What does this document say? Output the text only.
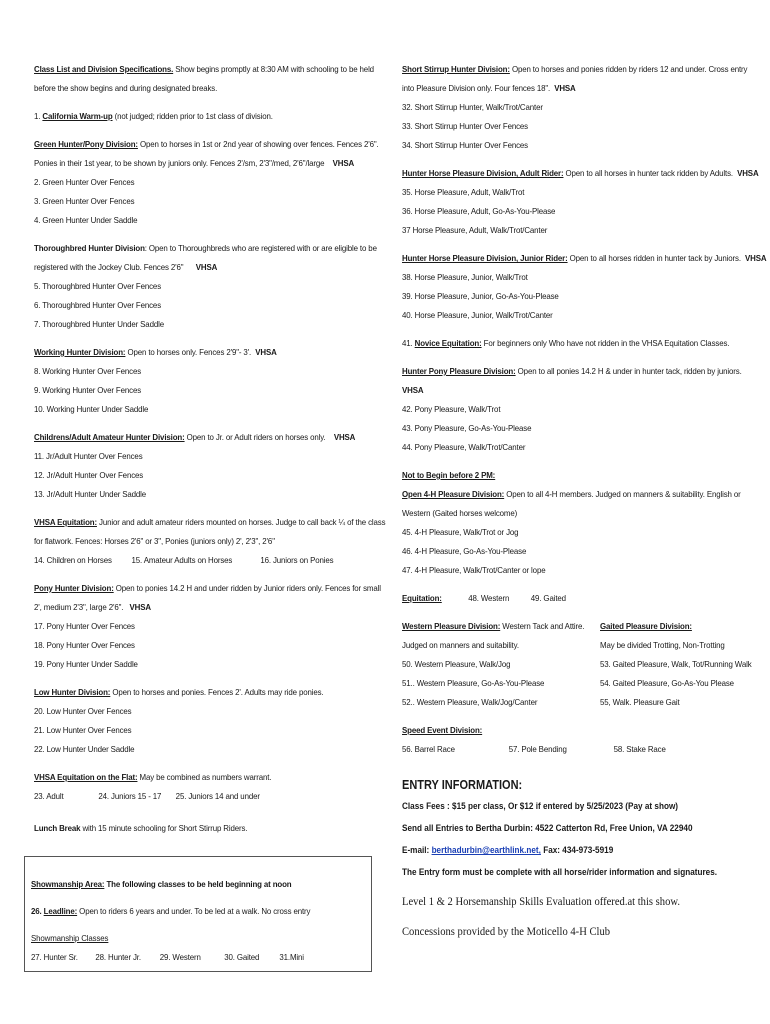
Class List and Division Specifications. Show begins promptly at 8:30 AM with schooling to be held
before the show begins and during designated breaks.
1. California Warm-up (not judged; ridden prior to 1st class of division.
Green Hunter/Pony Division: Open to horses in 1st or 2nd year of showing over fences. Fences 2'6".
Ponies in their 1st year, to be shown by juniors only. Fences 2'/sm, 2'3"/med, 2'6"/large VHSA
2. Green Hunter Over Fences
3. Green Hunter Over Fences
4. Green Hunter Under Saddle
Thoroughbred Hunter Division: Open to Thoroughbreds who are registered with or are eligible to be
registered with the Jockey Club. Fences 2'6" VHSA
5. Thoroughbred Hunter Over Fences
6. Thoroughbred Hunter Over Fences
7. Thoroughbred Hunter Under Saddle
Working Hunter Division: Open to horses only. Fences 2'9"- 3'. VHSA
8. Working Hunter Over Fences
9. Working Hunter Over Fences
10. Working Hunter Under Saddle
Childrens/Adult Amateur Hunter Division: Open to Jr. or Adult riders on horses only. VHSA
11. Jr/Adult Hunter Over Fences
12. Jr/Adult Hunter Over Fences
13. Jr/Adult Hunter Under Saddle
VHSA Equitation: Junior and adult amateur riders mounted on horses. Judge to call back ¼ of the class
for flatwork. Fences: Horses 2'6" or 3", Ponies (juniors only) 2', 2'3", 2'6"
14. Children on Horses	15. Amateur Adults on Horses	16. Juniors on Ponies
Pony Hunter Division: Open to ponies 14.2 H and under ridden by Junior riders only. Fences for small
2', medium 2'3", large 2'6". VHSA
17. Pony Hunter Over Fences
18. Pony Hunter Over Fences
19. Pony Hunter Under Saddle
Low Hunter Division: Open to horses and ponies. Fences 2'. Adults may ride ponies.
20. Low Hunter Over Fences
21. Low Hunter Over Fences
22. Low Hunter Under Saddle
VHSA Equitation on the Flat: May be combined as numbers warrant.
23. Adult	24. Juniors 15 - 17	25. Juniors 14 and under
Lunch Break with 15 minute schooling for Short Stirrup Riders.
Showmanship Area: The following classes to be held beginning at noon
26. Leadline: Open to riders 6 years and under. To be led at a walk. No cross entry
Showmanship Classes
27. Hunter Sr.	28. Hunter Jr.	29. Western	30. Gaited	31.Mini
Short Stirrup Hunter Division: Open to horses and ponies ridden by riders 12 and under. Cross entry
into Pleasure Division only. Four fences 18". VHSA
32. Short Stirrup Hunter, Walk/Trot/Canter
33. Short Stirrup Hunter Over Fences
34. Short Stirrup Hunter Over Fences
Hunter Horse Pleasure Division, Adult Rider: Open to all horses in hunter tack ridden by Adults. VHSA
35. Horse Pleasure, Adult, Walk/Trot
36. Horse Pleasure, Adult, Go-As-You-Please
37 Horse Pleasure, Adult, Walk/Trot/Canter
Hunter Horse Pleasure Division, Junior Rider: Open to all horses ridden in hunter tack by Juniors. VHSA
38. Horse Pleasure, Junior, Walk/Trot
39. Horse Pleasure, Junior, Go-As-You-Please
40. Horse Pleasure, Junior, Walk/Trot/Canter
41. Novice Equitation: For beginners only Who have not ridden in the VHSA Equitation Classes.
Hunter Pony Pleasure Division: Open to all ponies 14.2 H & under in hunter tack, ridden by juniors.
VHSA
42. Pony Pleasure, Walk/Trot
43. Pony Pleasure, Go-As-You-Please
44. Pony Pleasure, Walk/Trot/Canter
Not to Begin before 2 PM:
Open 4-H Pleasure Division: Open to all 4-H members. Judged on manners & suitability. English or
Western (Gaited horses welcome)
45. 4-H Pleasure, Walk/Trot or Jog
46. 4-H Pleasure, Go-As-You-Please
47. 4-H Pleasure, Walk/Trot/Canter or lope
Equitation:	48. Western	49. Gaited
Western Pleasure Division: Western Tack and Attire.
Judged on manners and suitability.
50. Western Pleasure, Walk/Jog
51.. Western Pleasure, Go-As-You-Please
52.. Western Pleasure, Walk/Jog/Canter
Gaited Pleasure Division:
May be divided Trotting, Non-Trotting
53. Gaited Pleasure, Walk, Tot/Running Walk
54. Gaited Pleasure, Go-As-You Please
55, Walk. Pleasure Gait
Speed Event Division:
56. Barrel Race	57. Pole Bending	58. Stake Race
ENTRY INFORMATION:
Class Fees : $15 per class, Or $12 if entered by 5/25/2023 (Pay at show)
Send all Entries to Bertha Durbin: 4522 Catterton Rd, Free Union, VA 22940
E-mail: berthadurbin@earthlink.net, Fax: 434-973-5919
The Entry form must be complete with all horse/rider information and signatures.
Level 1 & 2 Horsemanship Skills Evaluation offered.at this show.
Concessions provided by the Moticello 4-H Club
